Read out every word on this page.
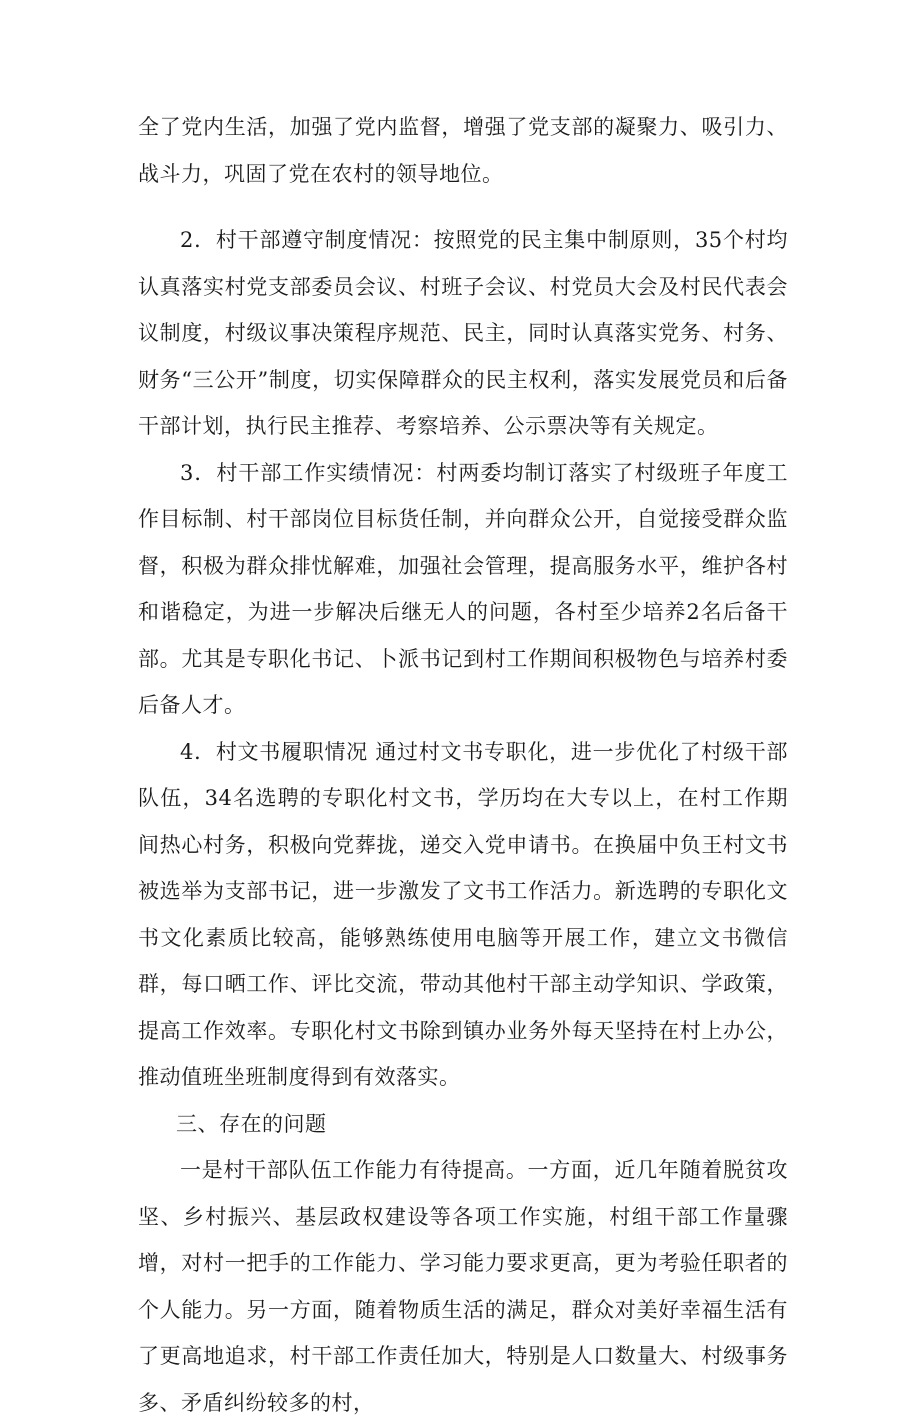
全了党内生活，加强了党内监督，增强了党支部的凝聚力、吸引力、战斗力，巩固了党在农村的领导地位。

2．村干部遵守制度情况：按照党的民主集中制原则，35个村均认真落实村党支部委员会议、村班子会议、村党员大会及村民代表会议制度，村级议事决策程序规范、民主，同时认真落实党务、村务、财务“三公开”制度，切实保障群众的民主权利，落实发展党员和后备干部计划，执行民主推荐、考察培养、公示票决等有关规定。

3．村干部工作实绩情况：村两委均制订落实了村级班子年度工作目标制、村干部岗位目标货任制，并向群众公开，自觉接受群众监督，积极为群众排忧解难，加强社会管理，提高服务水平，维护各村和谐稳定，为进一步解决后继无人的问题，各村至少培养2名后备干部。尤其是专职化书记、卜派书记到村工作期间积极物色与培养村委后备人才。

4．村文书履职情况 通过村文书专职化，进一步优化了村级干部队伍，34名选聘的专职化村文书，学历均在大专以上，在村工作期间热心村务，积极向党葬拢，递交入党申请书。在换届中负王村文书被选举为支部书记，进一步激发了文书工作活力。新选聘的专职化文书文化素质比较高，能够熟练使用电脑等开展工作，建立文书微信群，每口晒工作、评比交流，带动其他村干部主动学知识、学政策，提高工作效率。专职化村文书除到镇办业务外每天坚持在村上办公，推动值班坐班制度得到有效落实。

三、存在的问题

一是村干部队伍工作能力有待提高。一方面，近几年随着脱贫攻坚、乡村振兴、基层政权建设等各项工作实施，村组干部工作量骤增，对村一把手的工作能力、学习能力要求更高，更为考验任职者的个人能力。另一方面，随着物质生活的满足，群众对美好幸福生活有了更高地追求，村干部工作责任加大，特别是人口数量大、村级事务多、矛盾纠纷较多的村，
